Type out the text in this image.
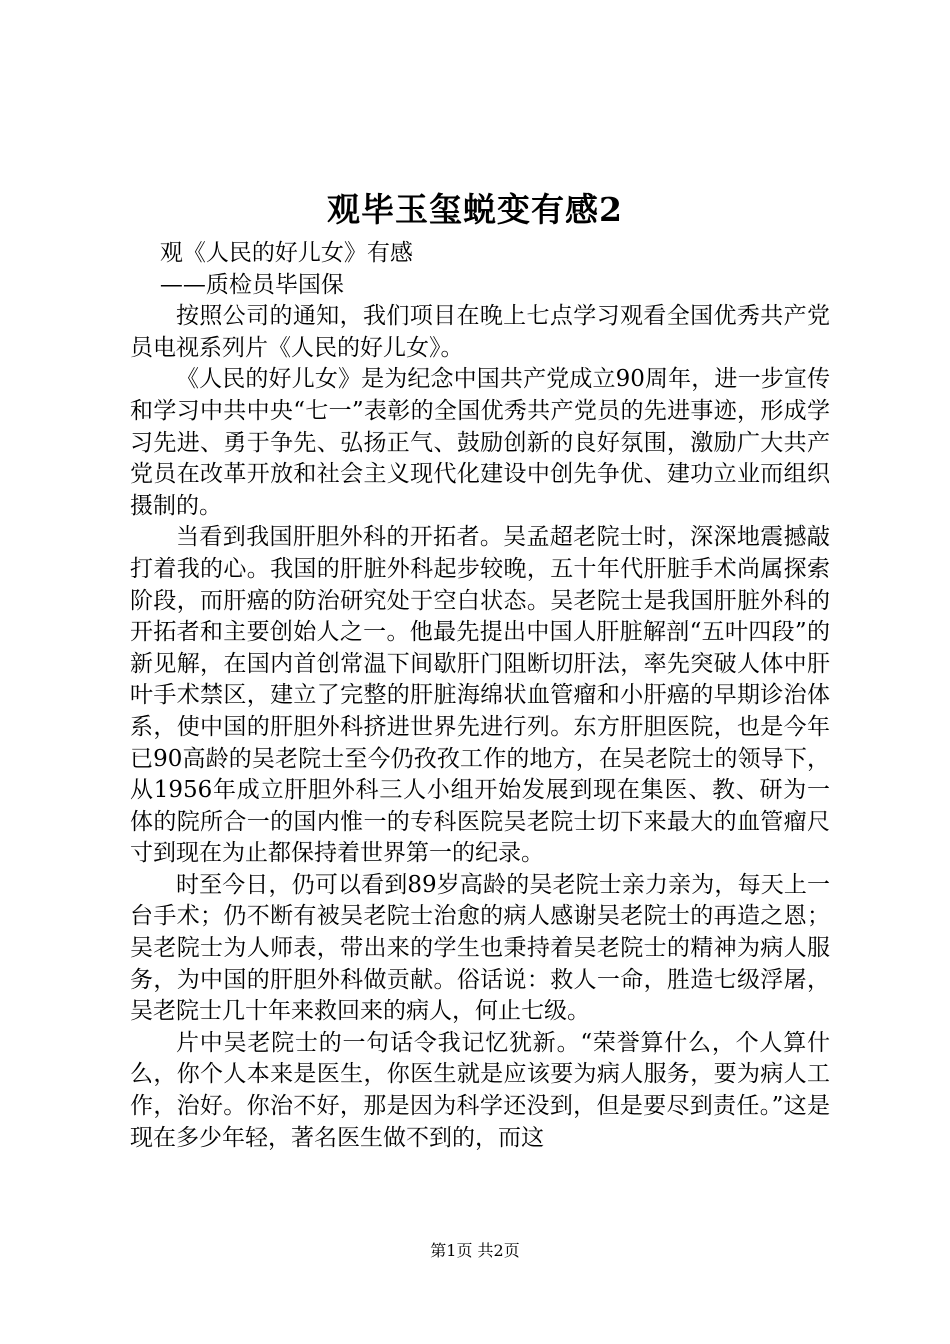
观毕玉玺蜕变有感2

观《人民的好儿女》有感

——质检员毕国保

按照公司的通知，我们项目在晚上七点学习观看全国优秀共产党员电视系列片《人民的好儿女》。

《人民的好儿女》是为纪念中国共产党成立90周年，进一步宣传和学习中共中央“七一”表彰的全国优秀共产党员的先进事迹，形成学习先进、勇于争先、弘扬正气、鼓励创新的良好氛围，激励广大共产党员在改革开放和社会主义现代化建设中创先争优、建功立业而组织摄制的。

当看到我国肝胆外科的开拓者。吴孟超老院士时，深深地震撼敲打着我的心。我国的肝脏外科起步较晚，五十年代肝脏手术尚属探索阶段，而肝癌的防治研究处于空白状态。吴老院士是我国肝脏外科的开拓者和主要创始人之一。他最先提出中国人肝脏解剖“五叶四段”的新见解，在国内首创常温下间歇肝门阻断切肝法，率先突破人体中肝叶手术禁区，建立了完整的肝脏海绵状血管瘤和小肝癌的早期诊治体系，使中国的肝胆外科挤进世界先进行列。东方肝胆医院，也是今年已90高龄的吴老院士至今仍孜孜工作的地方，在吴老院士的领导下，从1956年成立肝胆外科三人小组开始发展到现在集医、教、研为一体的院所合一的国内惟一的专科医院吴老院士切下来最大的血管瘤尺寸到现在为止都保持着世界第一的纪录。

时至今日，仍可以看到89岁高龄的吴老院士亲力亲为，每天上一台手术；仍不断有被吴老院士治愈的病人感谢吴老院士的再造之恩；吴老院士为人师表，带出来的学生也秉持着吴老院士的精神为病人服务，为中国的肝胆外科做贡献。俗话说：救人一命，胜造七级浮屠，吴老院士几十年来救回来的病人，何止七级。

片中吴老院士的一句话令我记忆犹新。“荣誉算什么，个人算什么，你个人本来是医生，你医生就是应该要为病人服务，要为病人工作，治好。你治不好，那是因为科学还没到，但是要尽到责任。”这是现在多少年轻，著名医生做不到的，而这

第1页 共2页
